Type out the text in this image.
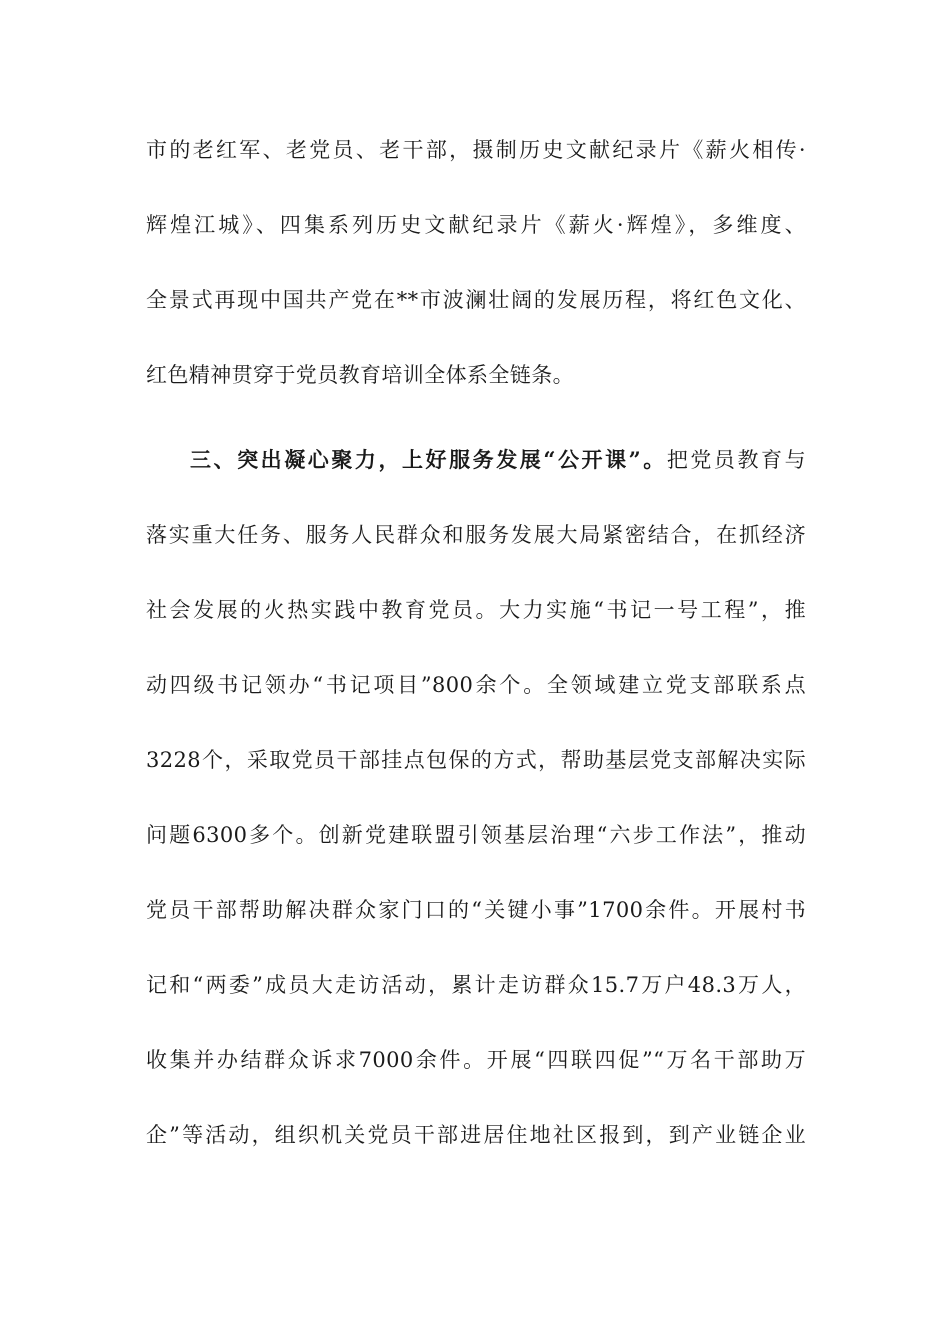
市的老红军、老党员、老干部，摄制历史文献纪录片《薪火相传·
辉煌江城》、四集系列历史文献纪录片《薪火·辉煌》，多维度、
全景式再现中国共产党在**市波澜壮阔的发展历程，将红色文化、
红色精神贯穿于党员教育培训全体系全链条。
三、突出凝心聚力，上好服务发展“公开课”。把党员教育与
落实重大任务、服务人民群众和服务发展大局紧密结合，在抓经济
社会发展的火热实践中教育党员。大力实施“书记一号工程”，推
动四级书记领办“书记项目”800余个。全领域建立党支部联系点
3228个，采取党员干部挂点包保的方式，帮助基层党支部解决实际
问题6300多个。创新党建联盟引领基层治理“六步工作法”，推动
党员干部帮助解决群众家门口的“关键小事”1700余件。开展村书
记和“两委”成员大走访活动，累计走访群众15.7万户48.3万人，
收集并办结群众诉求7000余件。开展“四联四促”“万名干部助万
企”等活动，组织机关党员干部进居住地社区报到，到产业链企业
